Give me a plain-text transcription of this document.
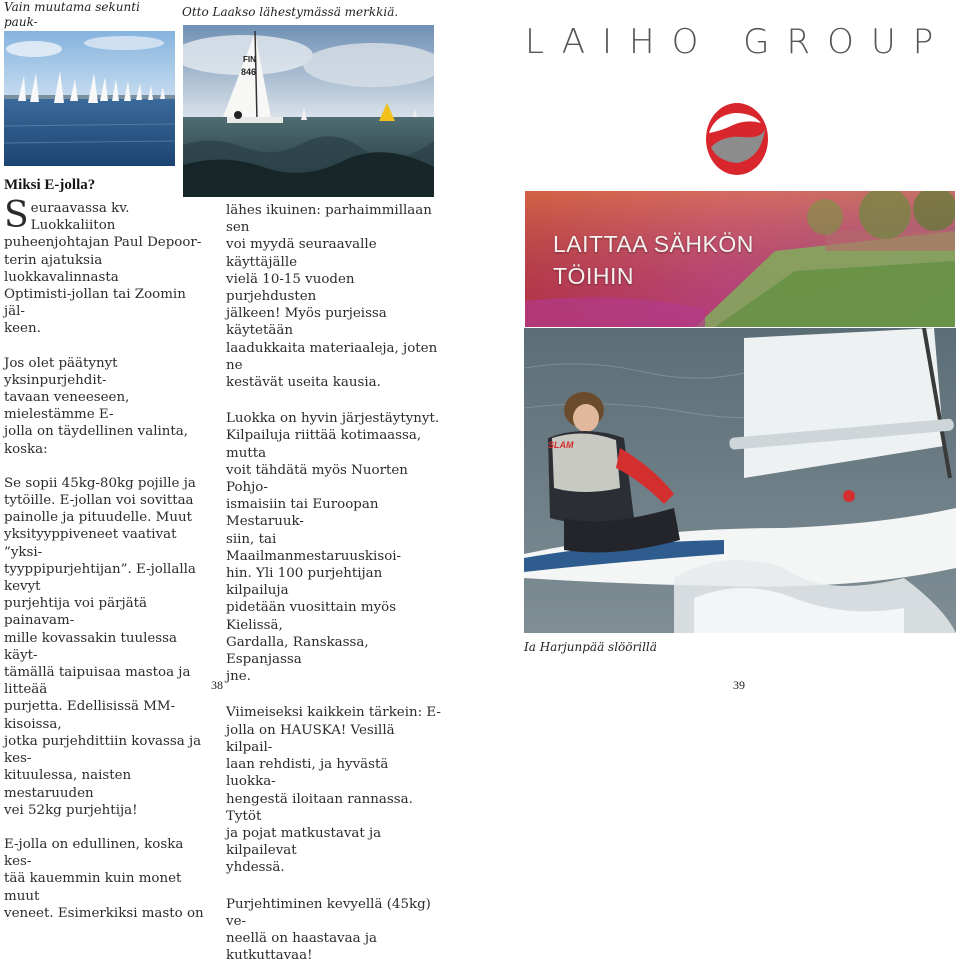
Vain muutama sekunti pauk-

Otto Laakso lähestymässä merkkiä.
FIN
846
LAIHO GROUP
LAITTAA SÄHKÖN
TÖIHIN
SLAM
Ia Harjunpää slöörillä
Miksi E-jolla?

Seuraavassa kv. Luokkaliiton
puheenjohtajan Paul Depoor-
terin ajatuksia luokkavalinnasta
Optimisti-jollan tai Zoomin jäl-
keen.

Jos olet päätynyt yksinpurjehdit-
tavaan veneeseen, mielestämme E-
jolla on täydellinen valinta, koska:

Se sopii 45kg-80kg pojille ja
tytöille. E-jollan voi sovittaa
painolle ja pituudelle. Muut
yksityyppiveneet vaativat ”yksi-
tyyppipurjehtijan”. E-jollalla kevyt
purjehtija voi pärjätä painavam-
mille kovassakin tuulessa käyt-
tämällä taipuisaa mastoa ja litteää
purjetta. Edellisissä MM-kisoissa,
jotka purjehdittiin kovassa ja kes-
kituulessa, naisten mestaruuden
vei 52kg purjehtija!

E-jolla on edullinen, koska kes-
tää kauemmin kuin monet muut
veneet. Esimerkiksi masto on

lähes ikuinen: parhaimmillaan sen
voi myydä seuraavalle käyttäjälle
vielä 10-15 vuoden purjehdusten
jälkeen! Myös purjeissa käytetään
laadukkaita materiaaleja, joten ne
kestävät useita kausia.

Luokka on hyvin järjestäytynyt.
Kilpailuja riittää kotimaassa, mutta
voit tähdätä myös Nuorten Pohjo-
ismaisiin tai Euroopan Mestaruuk-
siin, tai Maailmanmestaruuskisoi-
hin. Yli 100 purjehtijan kilpailuja
pidetään vuosittain myös Kielissä,
Gardalla, Ranskassa, Espanjassa
jne.

Viimeiseksi kaikkein tärkein: E-
jolla on HAUSKA! Vesillä kilpail-
laan rehdisti, ja hyvästä luokka-
hengestä iloitaan rannassa. Tytöt
ja pojat matkustavat ja kilpailevat
yhdessä.

Purjehtiminen kevyellä (45kg) ve-
neellä on haastavaa ja kutkuttavaa!

38	39
